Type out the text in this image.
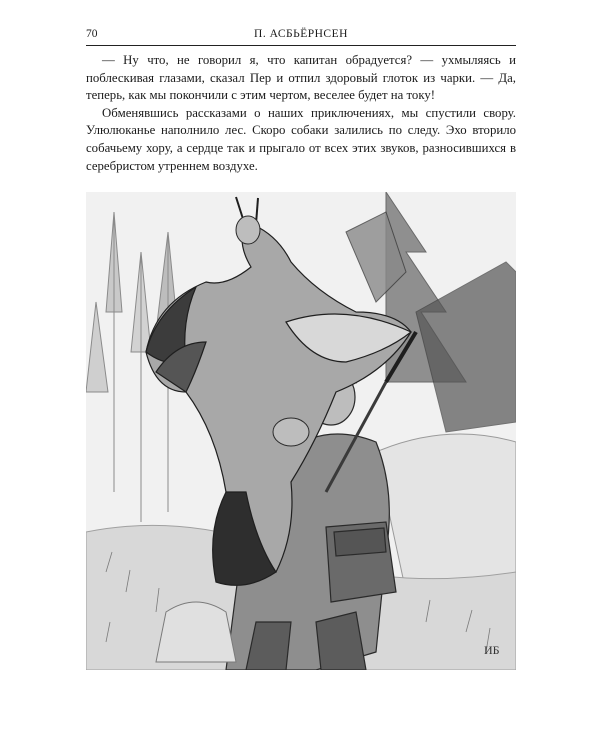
70	П. АСБЬЁРНСЕН

— Ну что, не говорил я, что капитан обрадуется? — ухмыляясь и поблескивая глазами, сказал Пер и отпил здоровый глоток из чарки. — Да, теперь, как мы покончили с этим чертом, веселее будет на току!

Обменявшись рассказами о наших приключениях, мы спустили свору. Улюлюканье наполнило лес. Скоро собаки залились по следу. Эхо вторило собачьему хору, а сердце так и прыгало от всех этих звуков, разносившихся в серебристом утреннем воздухе.

ИБ
